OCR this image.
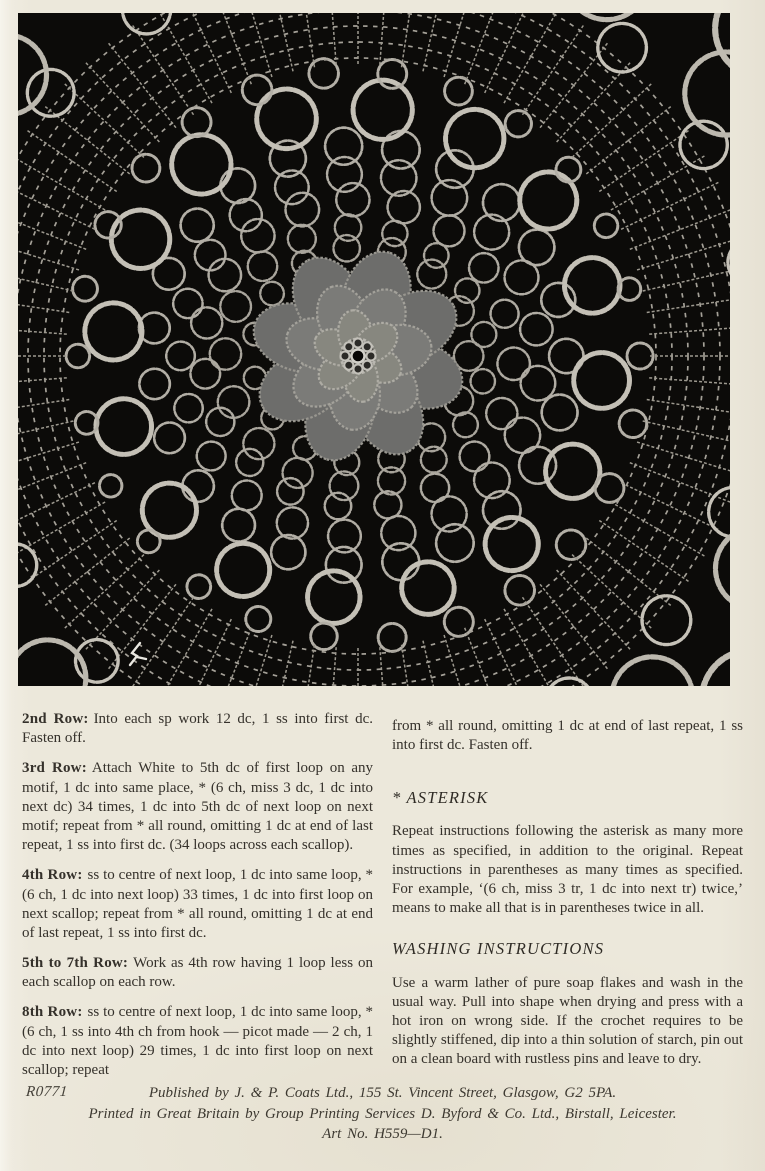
2nd Row: Into each sp work 12 dc, 1 ss into first dc. Fasten off.

3rd Row: Attach White to 5th dc of first loop on any motif, 1 dc into same place, * (6 ch, miss 3 dc, 1 dc into next dc) 34 times, 1 dc into 5th dc of next loop on next motif; repeat from * all round, omitting 1 dc at end of last repeat, 1 ss into first dc. (34 loops across each scallop).

4th Row: ss to centre of next loop, 1 dc into same loop, * (6 ch, 1 dc into next loop) 33 times, 1 dc into first loop on next scallop; repeat from * all round, omitting 1 dc at end of last repeat, 1 ss into first dc.

5th to 7th Row: Work as 4th row having 1 loop less on each scallop on each row.

8th Row: ss to centre of next loop, 1 dc into same loop, * (6 ch, 1 ss into 4th ch from hook — picot made — 2 ch, 1 dc into next loop) 29 times, 1 dc into first loop on next scallop; repeat

from * all round, omitting 1 dc at end of last repeat, 1 ss into first dc. Fasten off.

* ASTERISK

Repeat instructions following the asterisk as many more times as specified, in addition to the original. Repeat instructions in parentheses as many times as specified. For example, ‘(6 ch, miss 3 tr, 1 dc into next tr) twice,’ means to make all that is in parentheses twice in all.

WASHING INSTRUCTIONS

Use a warm lather of pure soap flakes and wash in the usual way. Pull into shape when drying and press with a hot iron on wrong side. If the crochet requires to be slightly stiffened, dip into a thin solution of starch, pin out on a clean board with rustless pins and leave to dry.

R0771	Published by J. & P. Coats Ltd., 155 St. Vincent Street, Glasgow, G2 5PA.
Printed in Great Britain by Group Printing Services D. Byford & Co. Ltd., Birstall, Leicester.
Art No. H559—D1.
